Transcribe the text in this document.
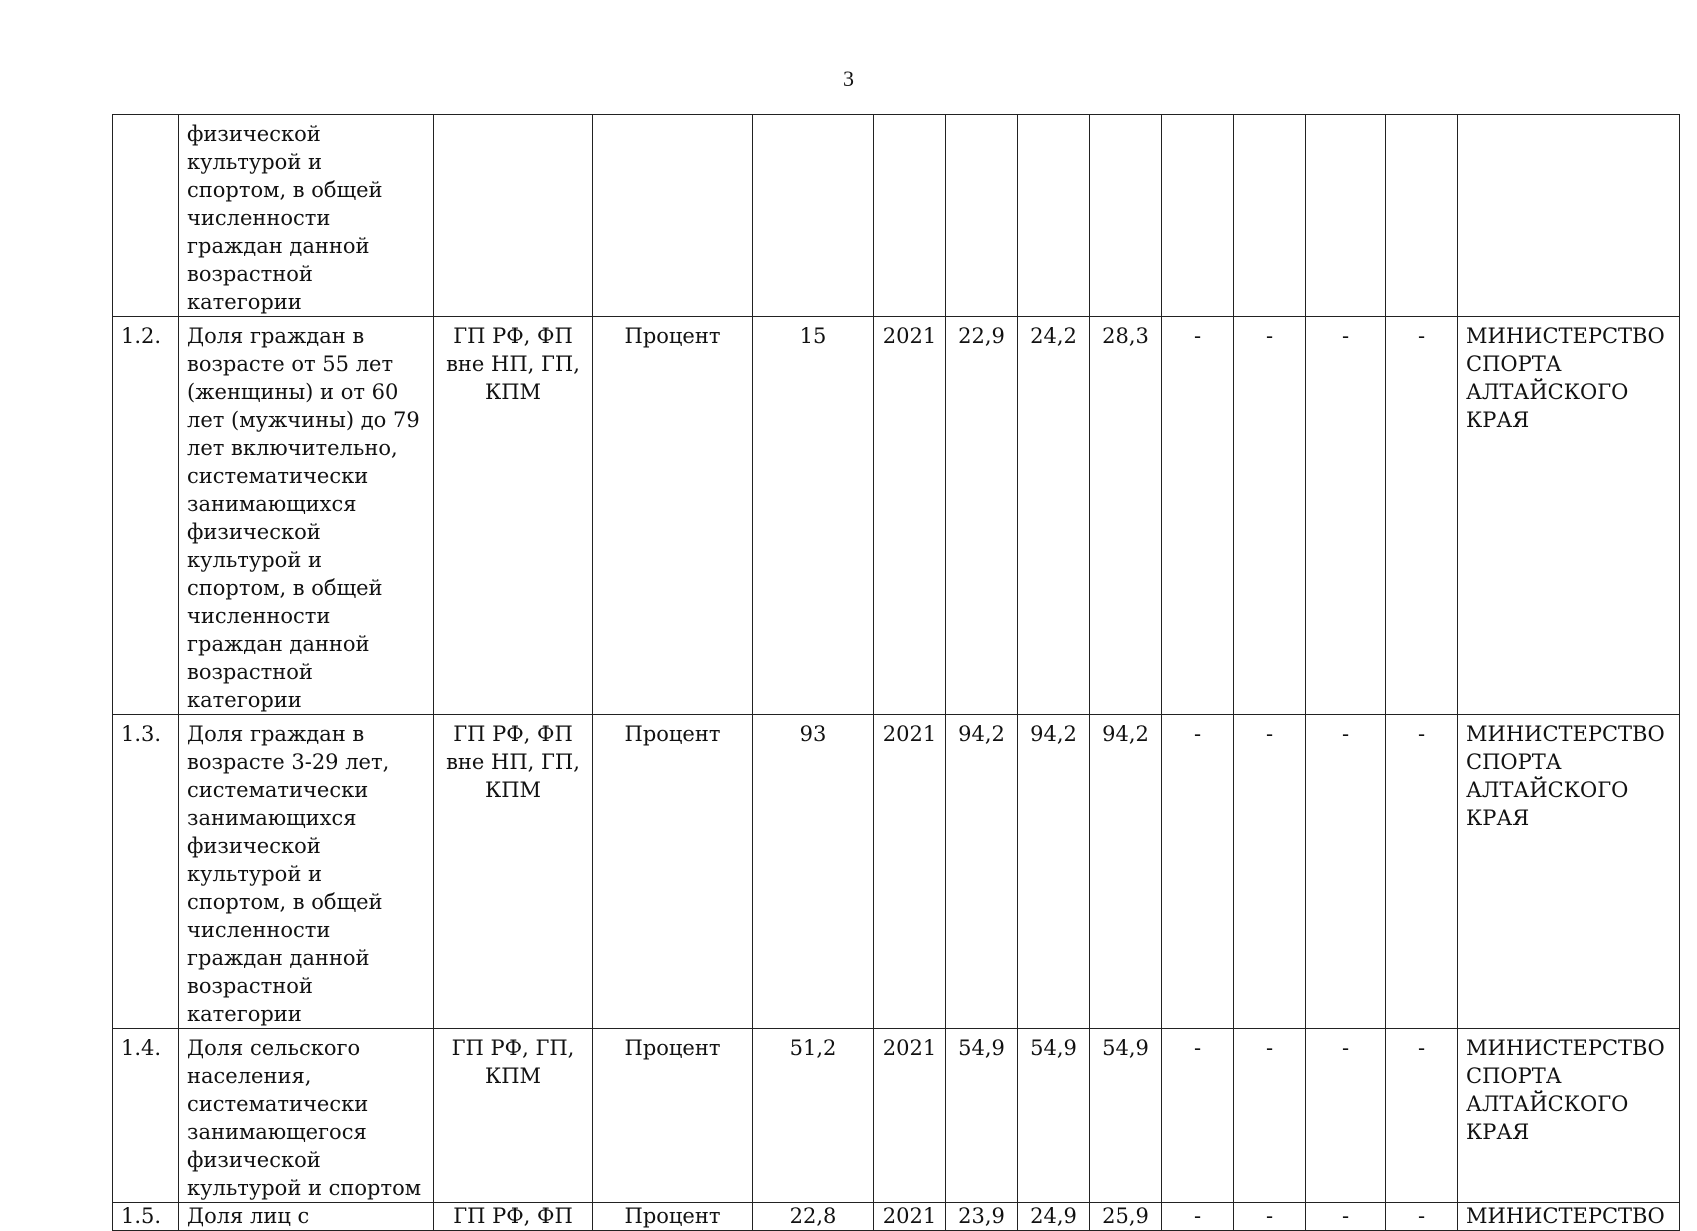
3
	физической культурой и спортом, в общей численности граждан данной возрастной категории												
1.2.	Доля граждан в возрасте от 55 лет (женщины) и от 60 лет (мужчины) до 79 лет включительно, систематически занимающихся физической культурой и спортом, в общей численности граждан данной возрастной категории	ГП РФ, ФП вне НП, ГП, КПМ	Процент	15	2021	22,9	24,2	28,3	-	-	-	-	МИНИСТЕРСТВО СПОРТА АЛТАЙСКОГО КРАЯ
1.3.	Доля граждан в возрасте 3-29 лет, систематически занимающихся физической культурой и спортом, в общей численности граждан данной возрастной категории	ГП РФ, ФП вне НП, ГП, КПМ	Процент	93	2021	94,2	94,2	94,2	-	-	-	-	МИНИСТЕРСТВО СПОРТА АЛТАЙСКОГО КРАЯ
1.4.	Доля сельского населения, систематически занимающегося физической культурой и спортом	ГП РФ, ГП, КПМ	Процент	51,2	2021	54,9	54,9	54,9	-	-	-	-	МИНИСТЕРСТВО СПОРТА АЛТАЙСКОГО КРАЯ
1.5.	Доля лиц с	ГП РФ, ФП	Процент	22,8	2021	23,9	24,9	25,9	-	-	-	-	МИНИСТЕРСТВО
